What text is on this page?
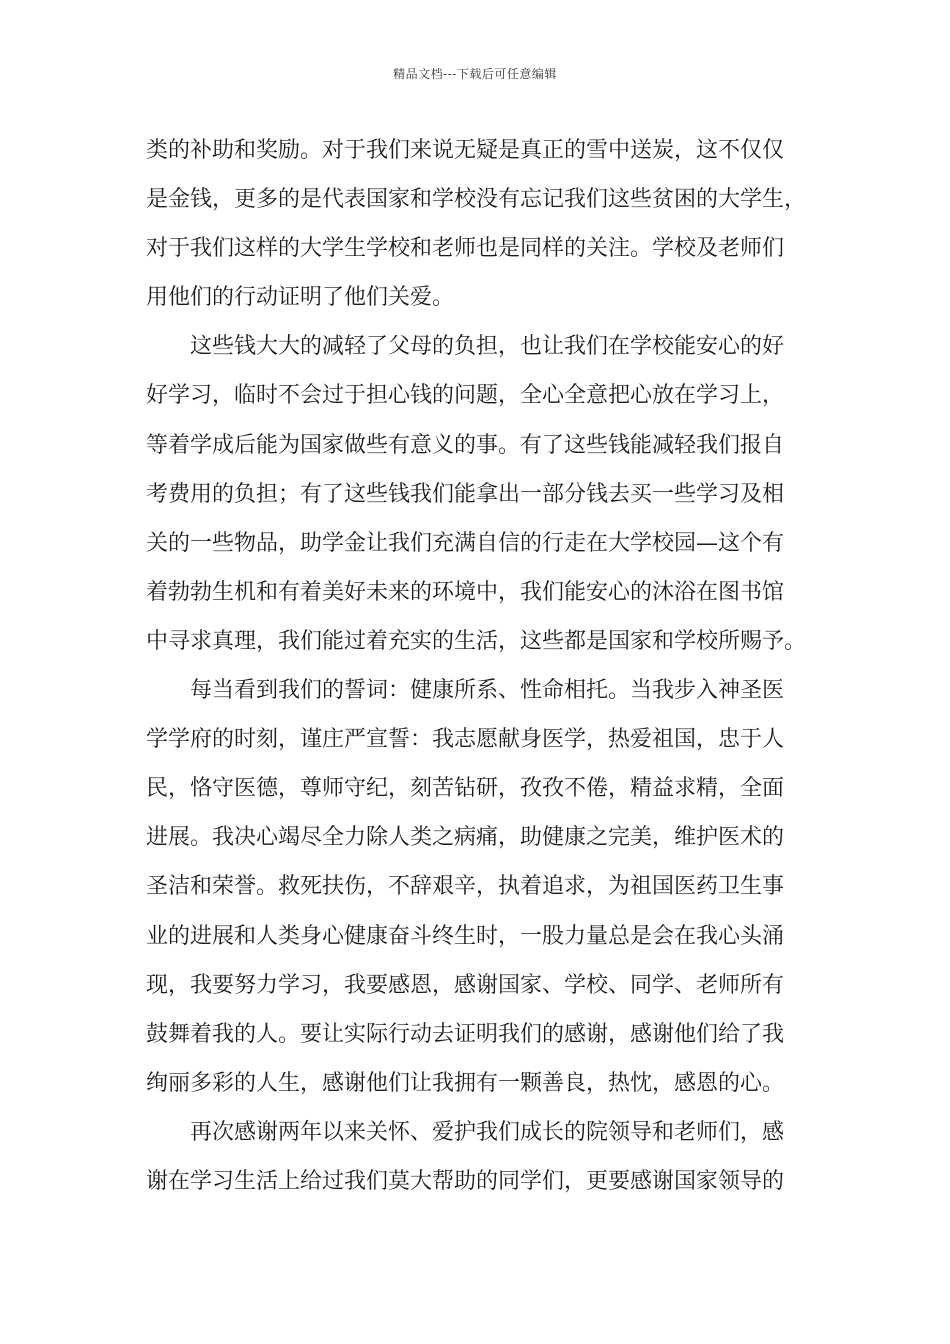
精品文档---下载后可任意编辑
类的补助和奖励。对于我们来说无疑是真正的雪中送炭，这不仅仅
是金钱，更多的是代表国家和学校没有忘记我们这些贫困的大学生，
对于我们这样的大学生学校和老师也是同样的关注。学校及老师们
用他们的行动证明了他们关爱。
这些钱大大的减轻了父母的负担，也让我们在学校能安心的好
好学习，临时不会过于担心钱的问题，全心全意把心放在学习上，
等着学成后能为国家做些有意义的事。有了这些钱能减轻我们报自
考费用的负担；有了这些钱我们能拿出一部分钱去买一些学习及相
关的一些物品，助学金让我们充满自信的行走在大学校园—这个有
着勃勃生机和有着美好未来的环境中，我们能安心的沐浴在图书馆
中寻求真理，我们能过着充实的生活，这些都是国家和学校所赐予。
每当看到我们的誓词：健康所系、性命相托。当我步入神圣医
学学府的时刻，谨庄严宣誓：我志愿献身医学，热爱祖国，忠于人
民，恪守医德，尊师守纪，刻苦钻研，孜孜不倦，精益求精，全面
进展。我决心竭尽全力除人类之病痛，助健康之完美，维护医术的
圣洁和荣誉。救死扶伤，不辞艰辛，执着追求，为祖国医药卫生事
业的进展和人类身心健康奋斗终生时，一股力量总是会在我心头涌
现，我要努力学习，我要感恩，感谢国家、学校、同学、老师所有
鼓舞着我的人。要让实际行动去证明我们的感谢，感谢他们给了我
绚丽多彩的人生，感谢他们让我拥有一颗善良，热忱，感恩的心。
再次感谢两年以来关怀、爱护我们成长的院领导和老师们，感
谢在学习生活上给过我们莫大帮助的同学们，更要感谢国家领导的
